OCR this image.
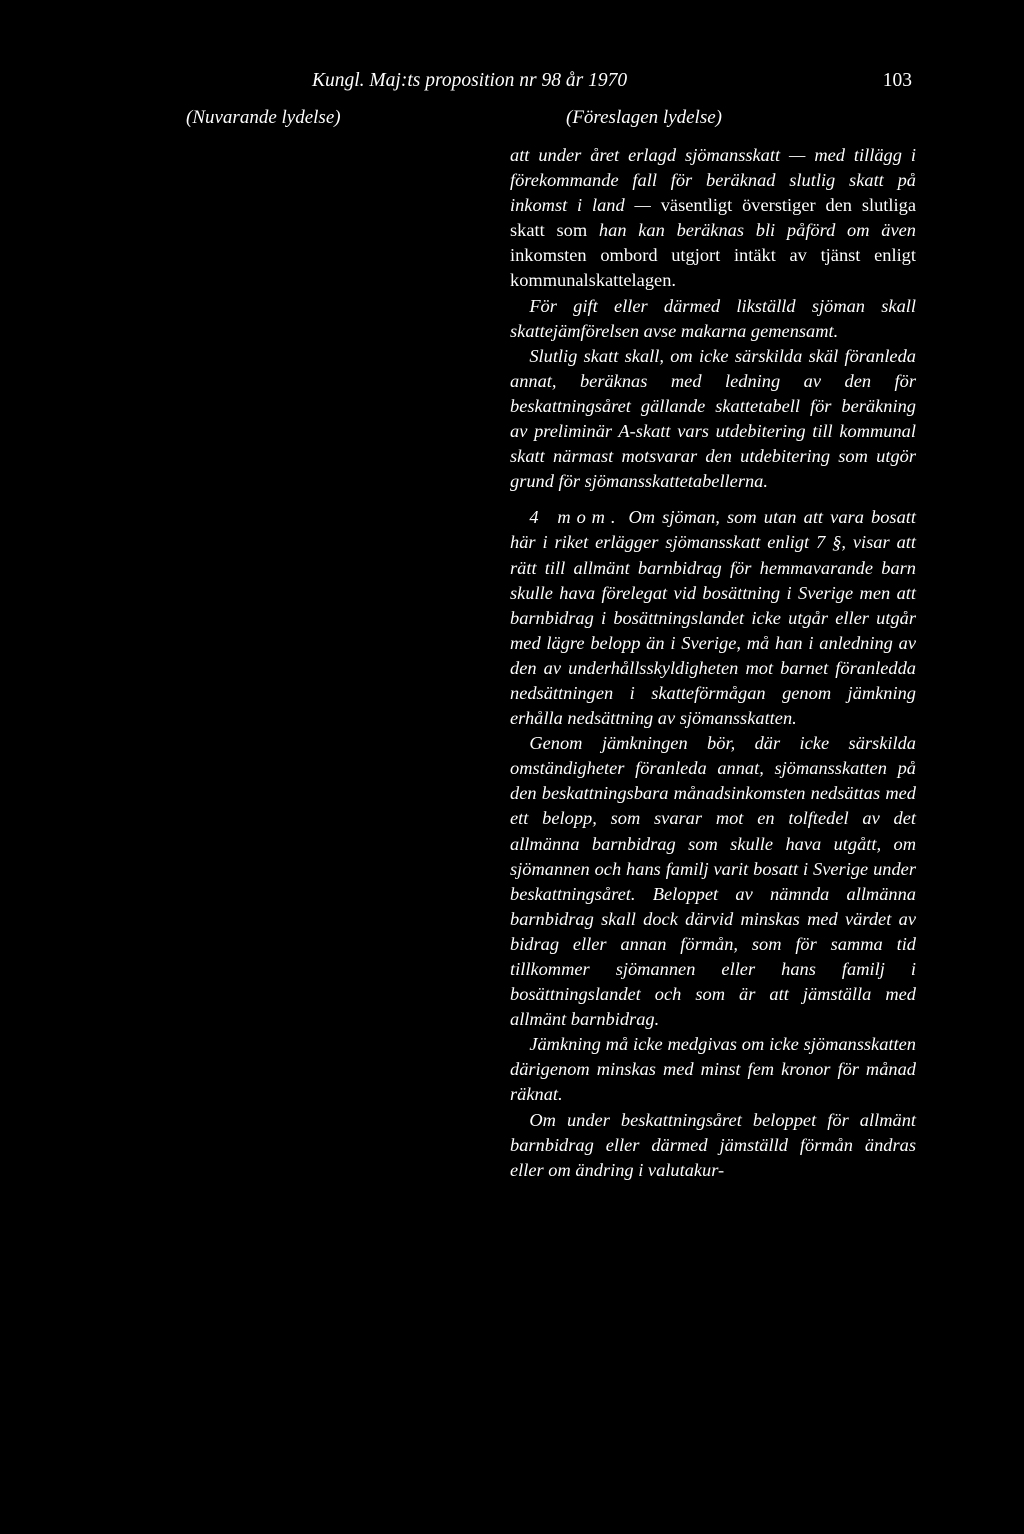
Kungl. Maj:ts proposition nr 98 år 1970	103
(Nuvarande lydelse)	(Föreslagen lydelse)

att under året erlagd sjömansskatt — med tillägg i förekommande fall för beräknad slutlig skatt på inkomst i land — väsentligt överstiger den slutliga skatt som han kan beräknas bli påförd om även inkomsten ombord utgjort intäkt av tjänst enligt kommunalskattelagen.

För gift eller därmed likställd sjöman skall skattejämförelsen avse makarna gemensamt.

Slutlig skatt skall, om icke särskilda skäl föranleda annat, beräknas med ledning av den för beskattningsåret gällande skattetabell för beräkning av preliminär A-skatt vars utdebitering till kommunal skatt närmast motsvarar den utdebitering som utgör grund för sjömansskattetabellerna.

4 mom. Om sjöman, som utan att vara bosatt här i riket erlägger sjömansskatt enligt 7 §, visar att rätt till allmänt barnbidrag för hemmavarande barn skulle hava förelegat vid bosättning i Sverige men att barnbidrag i bosättningslandet icke utgår eller utgår med lägre belopp än i Sverige, må han i anledning av den av underhållsskyldigheten mot barnet föranledda nedsättningen i skatteförmågan genom jämkning erhålla nedsättning av sjömansskatten.

Genom jämkningen bör, där icke särskilda omständigheter föranleda annat, sjömansskatten på den beskattningsbara månadsinkomsten nedsättas med ett belopp, som svarar mot en tolftedel av det allmänna barnbidrag som skulle hava utgått, om sjömannen och hans familj varit bosatt i Sverige under beskattningsåret. Beloppet av nämnda allmänna barnbidrag skall dock därvid minskas med värdet av bidrag eller annan förmån, som för samma tid tillkommer sjömannen eller hans familj i bosättningslandet och som är att jämställa med allmänt barnbidrag.

Jämkning må icke medgivas om icke sjömansskatten därigenom minskas med minst fem kronor för månad räknat.

Om under beskattningsåret beloppet för allmänt barnbidrag eller därmed jämställd förmån ändras eller om ändring i valutakur-
